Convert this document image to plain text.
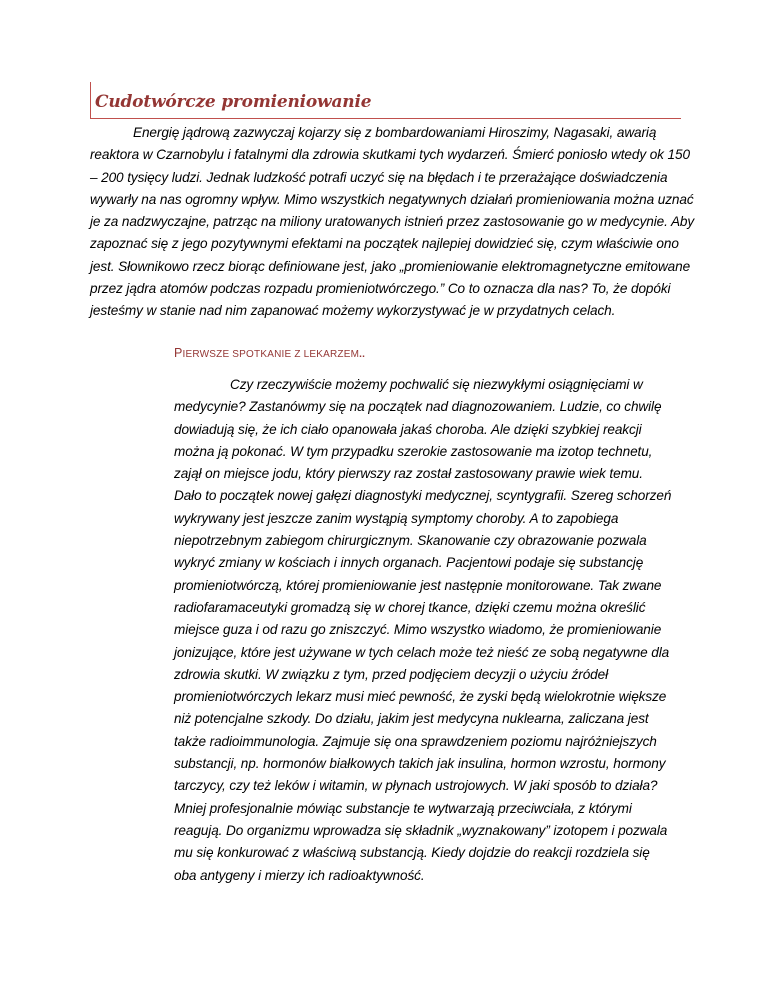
Cudotwórcze promieniowanie

Energię jądrową zazwyczaj kojarzy się z bombardowaniami Hiroszimy, Nagasaki, awarią reaktora w Czarnobylu i fatalnymi dla zdrowia skutkami tych wydarzeń. Śmierć poniosło wtedy ok 150 – 200 tysięcy ludzi. Jednak ludzkość potrafi uczyć się na błędach i te przerażające doświadczenia wywarły na nas ogromny wpływ. Mimo wszystkich negatywnych działań promieniowania można uznać je za nadzwyczajne, patrząc na miliony uratowanych istnień przez zastosowanie go w medycynie. Aby zapoznać się z jego pozytywnymi efektami na początek najlepiej dowidzieć się, czym właściwie ono jest. Słownikowo rzecz biorąc definiowane jest, jako „promieniowanie elektromagnetyczne emitowane przez jądra atomów podczas rozpadu promieniotwórczego.” Co to oznacza dla nas? To, że dopóki jesteśmy w stanie nad nim zapanować możemy wykorzystywać je w przydatnych celach.

PIERWSZE SPOTKANIE Z LEKARZEM..

Czy rzeczywiście możemy pochwalić się niezwykłymi osiągnięciami w medycynie? Zastanówmy się na początek nad diagnozowaniem. Ludzie, co chwilę dowiadują się, że ich ciało opanowała jakaś choroba. Ale dzięki szybkiej reakcji można ją pokonać. W tym przypadku szerokie zastosowanie ma izotop technetu, zajął on miejsce jodu, który pierwszy raz został zastosowany prawie wiek temu. Dało to początek nowej gałęzi diagnostyki medycznej, scyntygrafii. Szereg schorzeń wykrywany jest jeszcze zanim wystąpią symptomy choroby. A to zapobiega niepotrzebnym zabiegom chirurgicznym. Skanowanie czy obrazowanie pozwala wykryć zmiany w kościach i innych organach. Pacjentowi podaje się substancję promieniotwórczą, której promieniowanie jest następnie monitorowane. Tak zwane radiofaramaceutyki gromadzą się w chorej tkance, dzięki czemu można określić miejsce guza i od razu go zniszczyć. Mimo wszystko wiadomo, że promieniowanie jonizujące, które jest używane w tych celach może też nieść ze sobą negatywne dla zdrowia skutki. W związku z tym, przed podjęciem decyzji o użyciu źródeł promieniotwórczych lekarz musi mieć pewność, że zyski będą wielokrotnie większe niż potencjalne szkody. Do działu, jakim jest medycyna nuklearna, zaliczana jest także radioimmunologia. Zajmuje się ona sprawdzeniem poziomu najróżniejszych substancji, np. hormonów białkowych takich jak insulina, hormon wzrostu, hormony tarczycy, czy też leków i witamin, w płynach ustrojowych. W jaki sposób to działa? Mniej profesjonalnie mówiąc substancje te wytwarzają przeciwciała, z którymi reagują. Do organizmu wprowadza się składnik „wyznakowany” izotopem i pozwala mu się konkurować z właściwą substancją. Kiedy dojdzie do reakcji rozdziela się oba antygeny i mierzy ich radioaktywność.
